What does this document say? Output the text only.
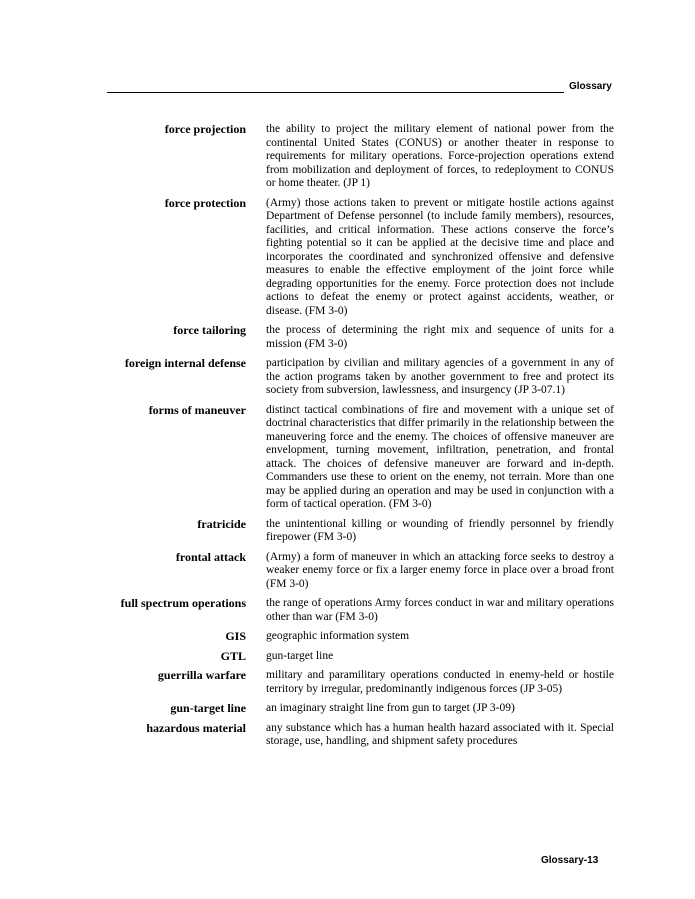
Glossary
force projection the ability to project the military element of national power from the continental United States (CONUS) or another theater in response to requirements for military operations. Force-projection operations extend from mobilization and deployment of forces, to redeployment to CONUS or home theater. (JP 1)
force protection (Army) those actions taken to prevent or mitigate hostile actions against Department of Defense personnel (to include family members), resources, facilities, and critical information. These actions conserve the force’s fighting potential so it can be applied at the decisive time and place and incorporates the coordinated and synchronized offensive and defensive measures to enable the effective employment of the joint force while degrading opportunities for the enemy. Force protection does not include actions to defeat the enemy or protect against accidents, weather, or disease. (FM 3-0)
force tailoring the process of determining the right mix and sequence of units for a mission (FM 3-0)
foreign internal defense participation by civilian and military agencies of a government in any of the action programs taken by another government to free and protect its society from subversion, lawlessness, and insurgency (JP 3-07.1)
forms of maneuver distinct tactical combinations of fire and movement with a unique set of doctrinal characteristics that differ primarily in the relationship between the maneuvering force and the enemy. The choices of offensive maneuver are envelopment, turning movement, infiltration, penetration, and frontal attack. The choices of defensive maneuver are forward and in-depth. Commanders use these to orient on the enemy, not terrain. More than one may be applied during an operation and may be used in conjunction with a form of tactical operation. (FM 3-0)
fratricide the unintentional killing or wounding of friendly personnel by friendly firepower (FM 3-0)
frontal attack (Army) a form of maneuver in which an attacking force seeks to destroy a weaker enemy force or fix a larger enemy force in place over a broad front (FM 3-0)
full spectrum operations the range of operations Army forces conduct in war and military operations other than war (FM 3-0)
GIS geographic information system
GTL gun-target line
guerrilla warfare military and paramilitary operations conducted in enemy-held or hostile territory by irregular, predominantly indigenous forces (JP 3-05)
gun-target line an imaginary straight line from gun to target (JP 3-09)
hazardous material any substance which has a human health hazard associated with it. Special storage, use, handling, and shipment safety procedures
Glossary-13
